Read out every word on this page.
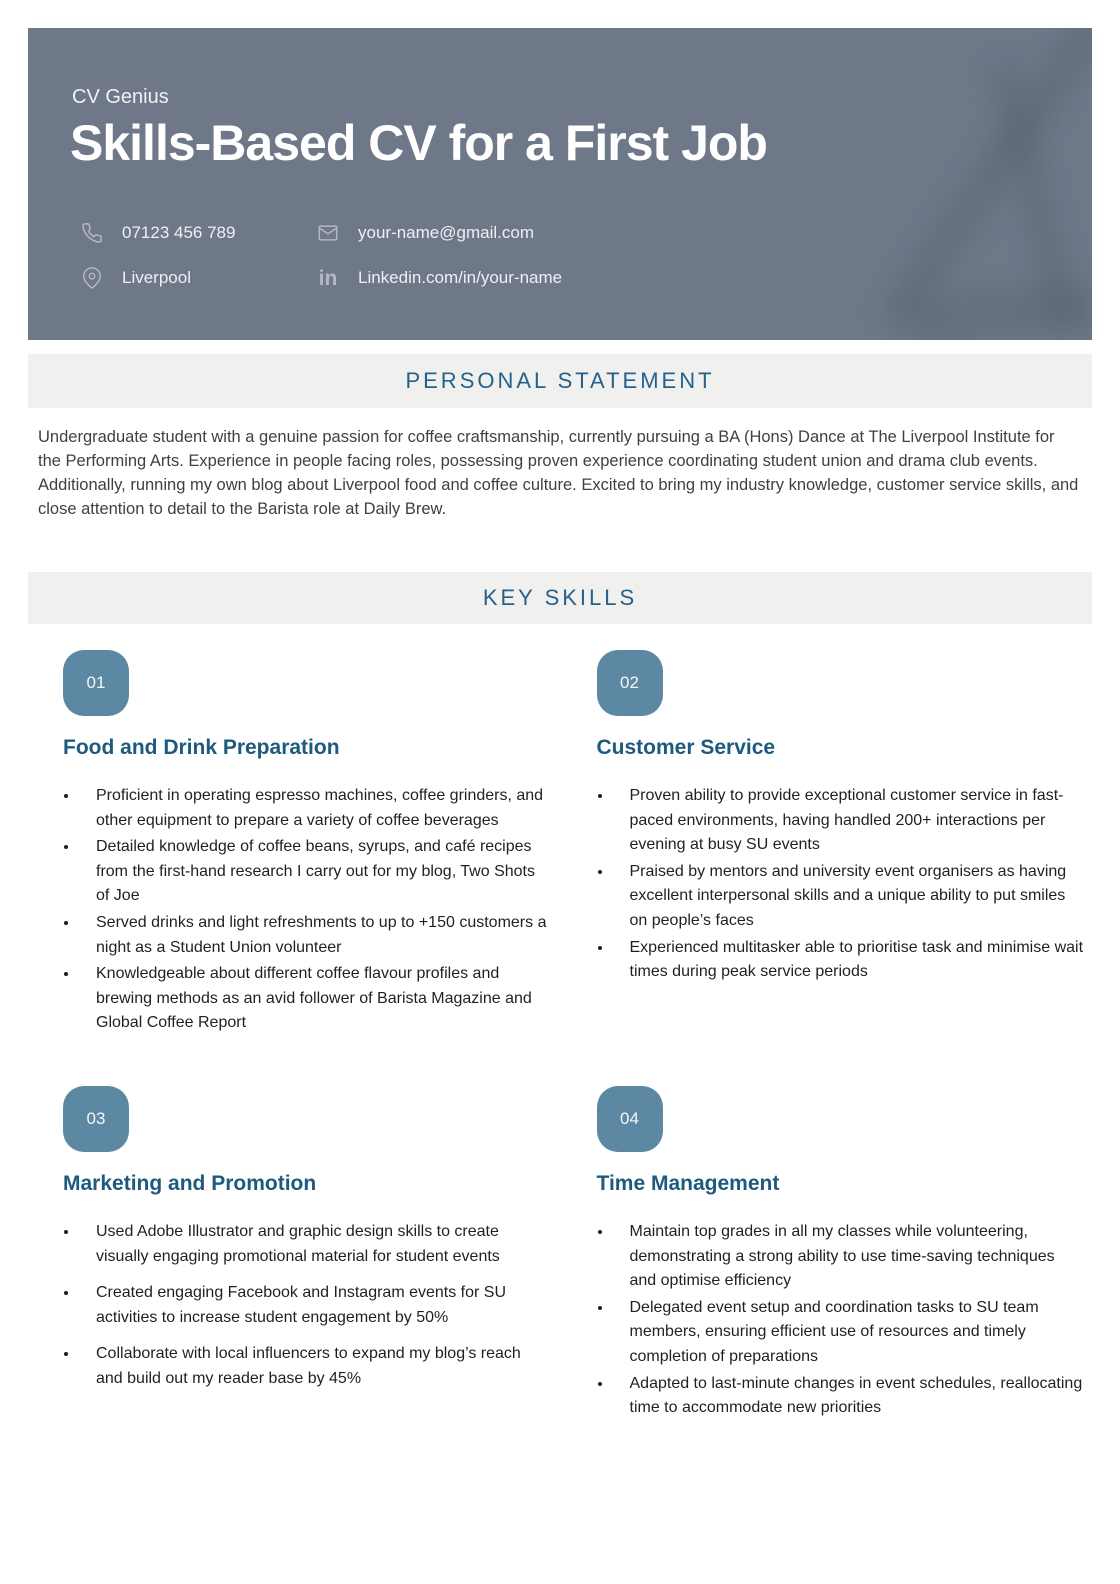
CV Genius
Skills-Based CV for a First Job
07123 456 789	your-name@gmail.com
Liverpool	in Linkedin.com/in/your-name
PERSONAL STATEMENT

Undergraduate student with a genuine passion for coffee craftsmanship, currently pursuing a BA (Hons) Dance at The Liverpool Institute for the Performing Arts. Experience in people facing roles, possessing proven experience coordinating student union and drama club events. Additionally, running my own blog about Liverpool food and coffee culture. Excited to bring my industry knowledge, customer service skills, and close attention to detail to the Barista role at Daily Brew.

KEY SKILLS
01
Food and Drink Preparation
• Proficient in operating espresso machines, coffee grinders, and other equipment to prepare a variety of coffee beverages
• Detailed knowledge of coffee beans, syrups, and café recipes from the first-hand research I carry out for my blog, Two Shots of Joe
• Served drinks and light refreshments to up to +150 customers a night as a Student Union volunteer
• Knowledgeable about different coffee flavour profiles and brewing methods as an avid follower of Barista Magazine and Global Coffee Report
02
Customer Service
• Proven ability to provide exceptional customer service in fast-paced environments, having handled 200+ interactions per evening at busy SU events
• Praised by mentors and university event organisers as having excellent interpersonal skills and a unique ability to put smiles on people’s faces
• Experienced multitasker able to prioritise task and minimise wait times during peak service periods
03
Marketing and Promotion
• Used Adobe Illustrator and graphic design skills to create visually engaging promotional material for student events
• Created engaging Facebook and Instagram events for SU activities to increase student engagement by 50%
• Collaborate with local influencers to expand my blog’s reach and build out my reader base by 45%
04
Time Management
• Maintain top grades in all my classes while volunteering, demonstrating a strong ability to use time-saving techniques and optimise efficiency
• Delegated event setup and coordination tasks to SU team members, ensuring efficient use of resources and timely completion of preparations
• Adapted to last-minute changes in event schedules, reallocating time to accommodate new priorities
